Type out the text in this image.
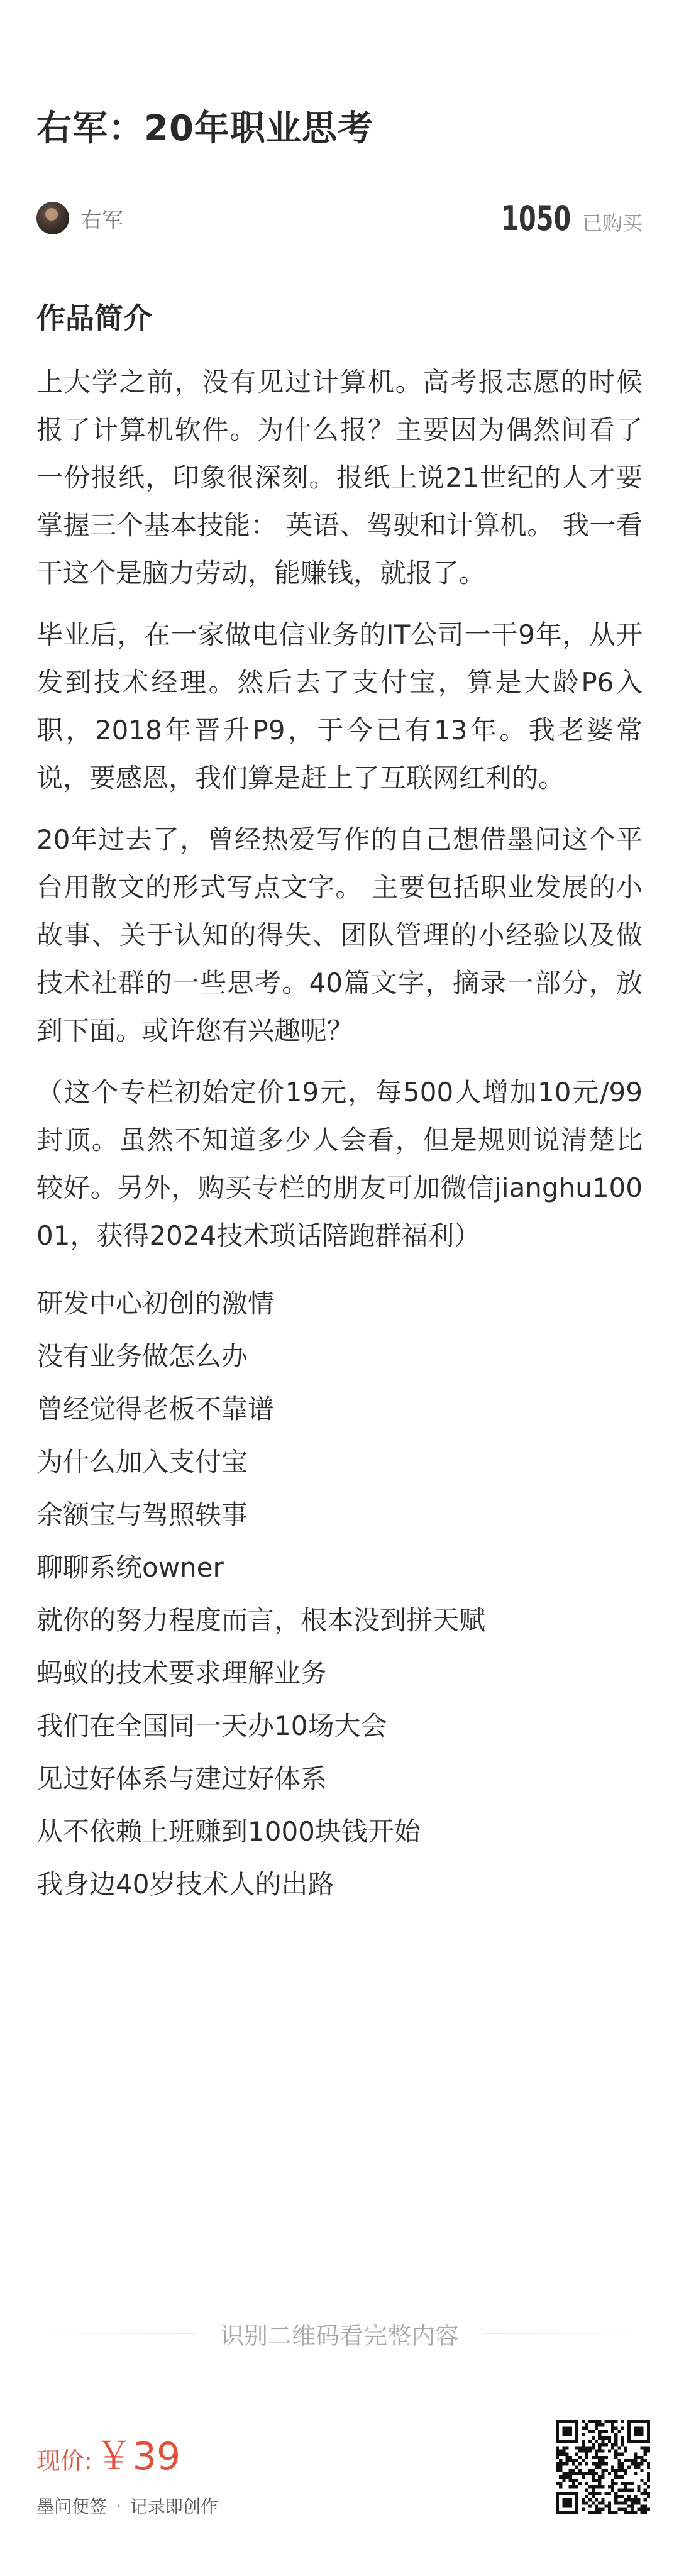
右军：20年职业思考
右军	1050 已购买
作品简介

上大学之前，没有见过计算机。高考报志愿的时候报了计算机软件。为什么报？主要因为偶然间看了一份报纸，印象很深刻。报纸上说21世纪的人才要掌握三个基本技能： 英语、驾驶和计算机。 我一看干这个是脑力劳动，能赚钱，就报了。

毕业后，在一家做电信业务的IT公司一干9年，从开发到技术经理。然后去了支付宝，算是大龄P6入职，2018年晋升P9，于今已有13年。我老婆常说，要感恩，我们算是赶上了互联网红利的。

20年过去了，曾经热爱写作的自己想借墨问这个平台用散文的形式写点文字。 主要包括职业发展的小故事、关于认知的得失、团队管理的小经验以及做技术社群的一些思考。40篇文字，摘录一部分，放到下面。或许您有兴趣呢？

（这个专栏初始定价19元，每500人增加10元/99封顶。虽然不知道多少人会看，但是规则说清楚比较好。另外，购买专栏的朋友可加微信jianghu10001，获得2024技术琐话陪跑群福利）

研发中心初创的激情
没有业务做怎么办
曾经觉得老板不靠谱
为什么加入支付宝
余额宝与驾照轶事
聊聊系统owner
就你的努力程度而言，根本没到拼天赋
蚂蚁的技术要求理解业务
我们在全国同一天办10场大会
见过好体系与建过好体系
从不依赖上班赚到1000块钱开始
我身边40岁技术人的出路
识别二维码看完整内容
现价: ￥39
墨问便签 · 记录即创作
